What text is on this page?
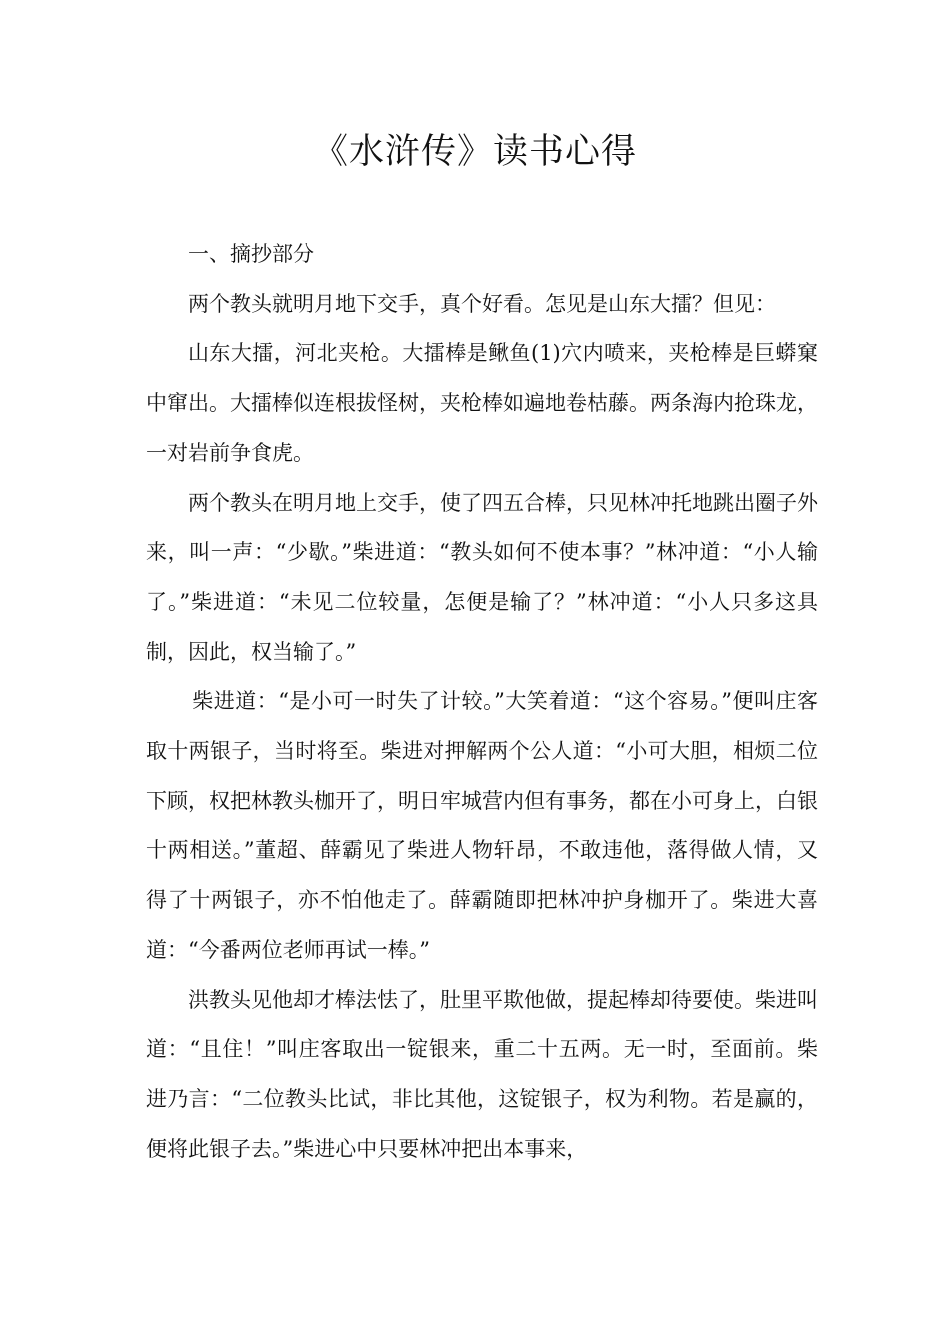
《水浒传》读书心得

一、摘抄部分

两个教头就明月地下交手，真个好看。怎见是山东大擂？但见：

山东大擂，河北夹枪。大擂棒是鳅鱼(1)穴内喷来，夹枪棒是巨蟒窠中窜出。大擂棒似连根拔怪树，夹枪棒如遍地卷枯藤。两条海内抢珠龙，一对岩前争食虎。

两个教头在明月地上交手，使了四五合棒，只见林冲托地跳出圈子外来，叫一声：“少歇。”柴进道：“教头如何不使本事？”林冲道：“小人输了。”柴进道：“未见二位较量，怎便是输了？”林冲道：“小人只多这具制，因此，权当输了。”

柴进道：“是小可一时失了计较。”大笑着道：“这个容易。”便叫庄客取十两银子，当时将至。柴进对押解两个公人道：“小可大胆，相烦二位下顾，权把林教头枷开了，明日牢城营内但有事务，都在小可身上，白银十两相送。”董超、薛霸见了柴进人物轩昂，不敢违他，落得做人情，又得了十两银子，亦不怕他走了。薛霸随即把林冲护身枷开了。柴进大喜道：“今番两位老师再试一棒。”

洪教头见他却才棒法怯了，肚里平欺他做，提起棒却待要使。柴进叫道：“且住！”叫庄客取出一锭银来，重二十五两。无一时，至面前。柴进乃言：“二位教头比试，非比其他，这锭银子，权为利物。若是赢的，便将此银子去。”柴进心中只要林冲把出本事来，
